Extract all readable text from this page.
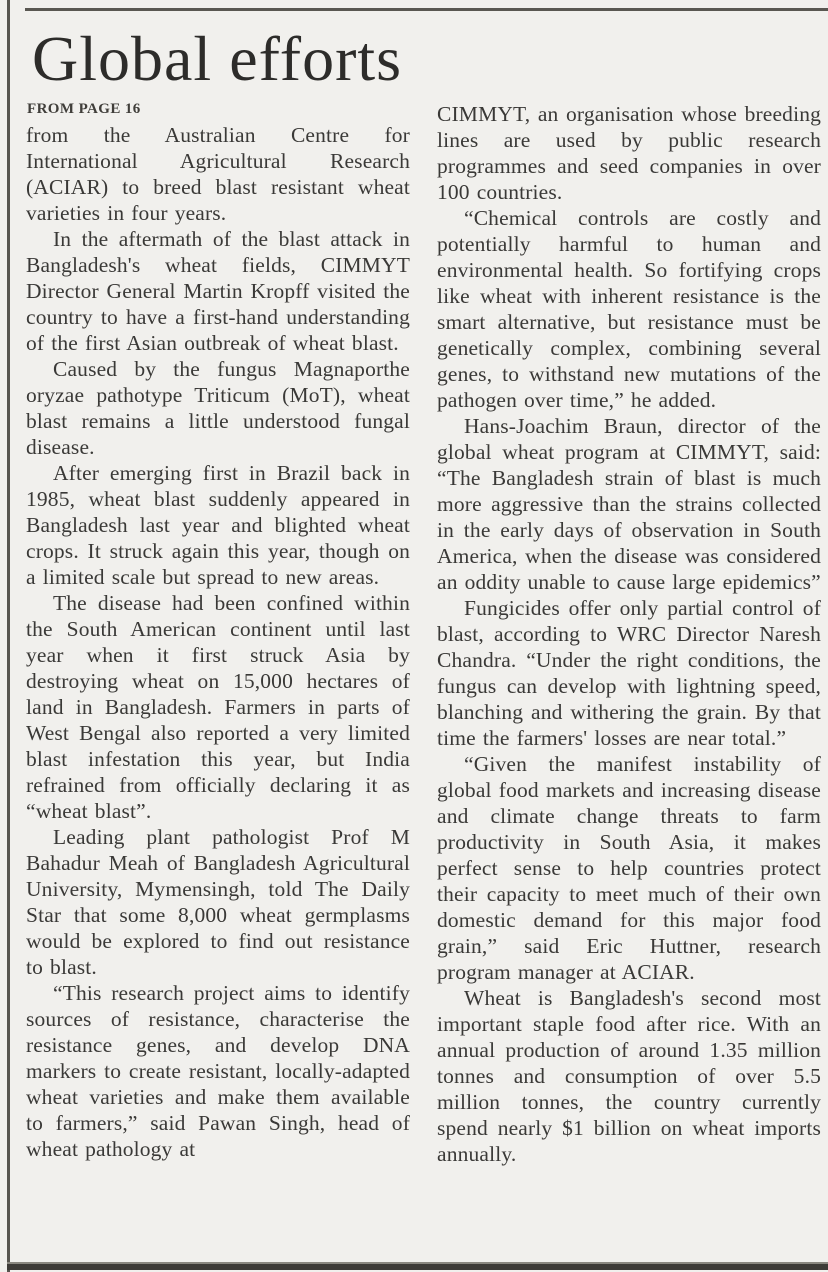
Global efforts
FROM PAGE 16

from the Australian Centre for International Agricultural Research (ACIAR) to breed blast resistant wheat varieties in four years.

In the aftermath of the blast attack in Bangladesh's wheat fields, CIMMYT Director General Martin Kropff visited the country to have a first-hand understanding of the first Asian outbreak of wheat blast.

Caused by the fungus Magnaporthe oryzae pathotype Triticum (MoT), wheat blast remains a little understood fungal disease.

After emerging first in Brazil back in 1985, wheat blast suddenly appeared in Bangladesh last year and blighted wheat crops. It struck again this year, though on a limited scale but spread to new areas.

The disease had been confined within the South American continent until last year when it first struck Asia by destroying wheat on 15,000 hectares of land in Bangladesh. Farmers in parts of West Bengal also reported a very limited blast infestation this year, but India refrained from officially declaring it as “wheat blast”.

Leading plant pathologist Prof M Bahadur Meah of Bangladesh Agricultural University, Mymensingh, told The Daily Star that some 8,000 wheat germplasms would be explored to find out resistance to blast.

“This research project aims to identify sources of resistance, characterise the resistance genes, and develop DNA markers to create resistant, locally-adapted wheat varieties and make them available to farmers,” said Pawan Singh, head of wheat pathology at

CIMMYT, an organisation whose breeding lines are used by public research programmes and seed companies in over 100 countries.

“Chemical controls are costly and potentially harmful to human and environmental health. So fortifying crops like wheat with inherent resistance is the smart alternative, but resistance must be genetically complex, combining several genes, to withstand new mutations of the pathogen over time,” he added.

Hans-Joachim Braun, director of the global wheat program at CIMMYT, said: “The Bangladesh strain of blast is much more aggressive than the strains collected in the early days of observation in South America, when the disease was considered an oddity unable to cause large epidemics”

Fungicides offer only partial control of blast, according to WRC Director Naresh Chandra. “Under the right conditions, the fungus can develop with lightning speed, blanching and withering the grain. By that time the farmers' losses are near total.”

“Given the manifest instability of global food markets and increasing disease and climate change threats to farm productivity in South Asia, it makes perfect sense to help countries protect their capacity to meet much of their own domestic demand for this major food grain,” said Eric Huttner, research program manager at ACIAR.

Wheat is Bangladesh's second most important staple food after rice. With an annual production of around 1.35 million tonnes and consumption of over 5.5 million tonnes, the country currently spend nearly $1 billion on wheat imports annually.
